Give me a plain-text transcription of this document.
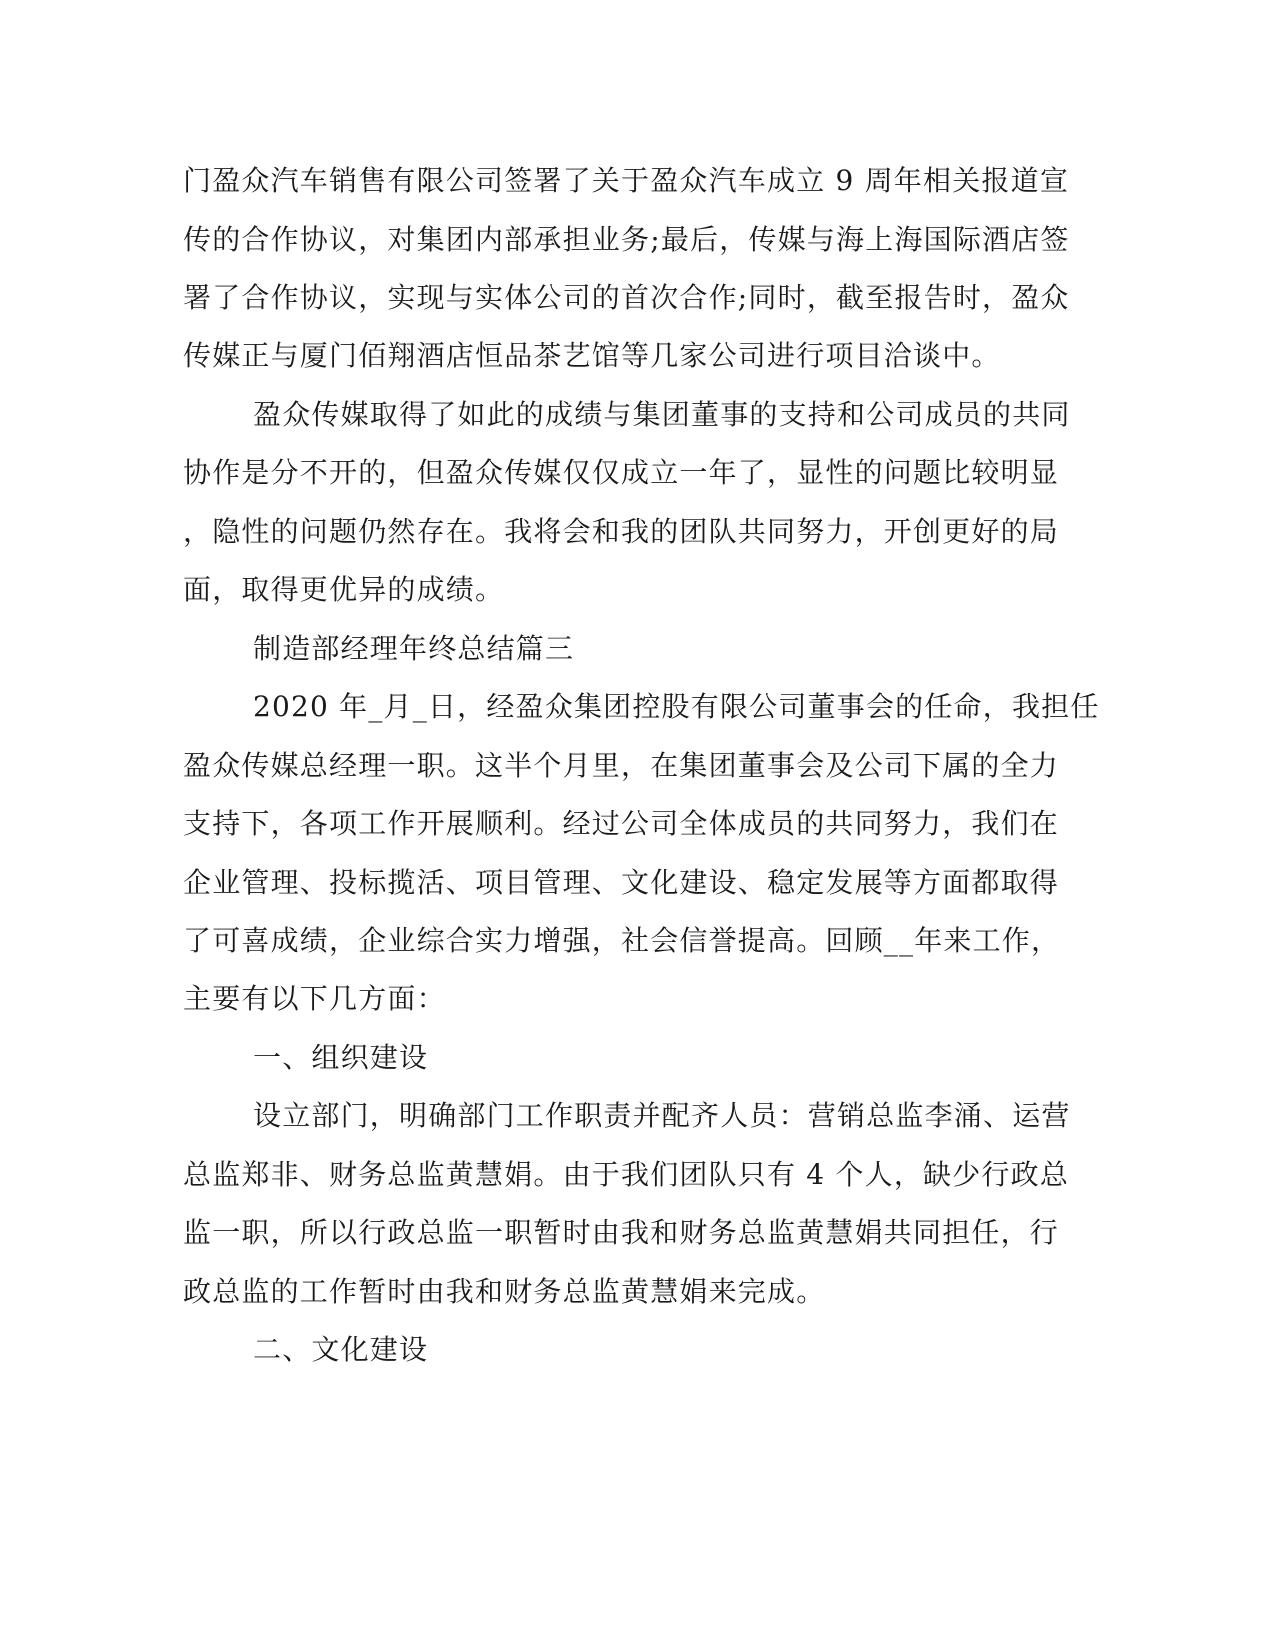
门盈众汽车销售有限公司签署了关于盈众汽车成立 9 周年相关报道宣
传的合作协议，对集团内部承担业务;最后，传媒与海上海国际酒店签
署了合作协议，实现与实体公司的首次合作;同时，截至报告时，盈众
传媒正与厦门佰翔酒店恒品茶艺馆等几家公司进行项目洽谈中。
盈众传媒取得了如此的成绩与集团董事的支持和公司成员的共同
协作是分不开的，但盈众传媒仅仅成立一年了，显性的问题比较明显
，隐性的问题仍然存在。我将会和我的团队共同努力，开创更好的局
面，取得更优异的成绩。
制造部经理年终总结篇三
2020 年_月_日，经盈众集团控股有限公司董事会的任命，我担任
盈众传媒总经理一职。这半个月里，在集团董事会及公司下属的全力
支持下，各项工作开展顺利。经过公司全体成员的共同努力，我们在
企业管理、投标揽活、项目管理、文化建设、稳定发展等方面都取得
了可喜成绩，企业综合实力增强，社会信誉提高。回顾__年来工作，
主要有以下几方面：
一、组织建设
设立部门，明确部门工作职责并配齐人员：营销总监李涌、运营
总监郑非、财务总监黄慧娟。由于我们团队只有 4 个人，缺少行政总
监一职，所以行政总监一职暂时由我和财务总监黄慧娟共同担任，行
政总监的工作暂时由我和财务总监黄慧娟来完成。
二、文化建设
